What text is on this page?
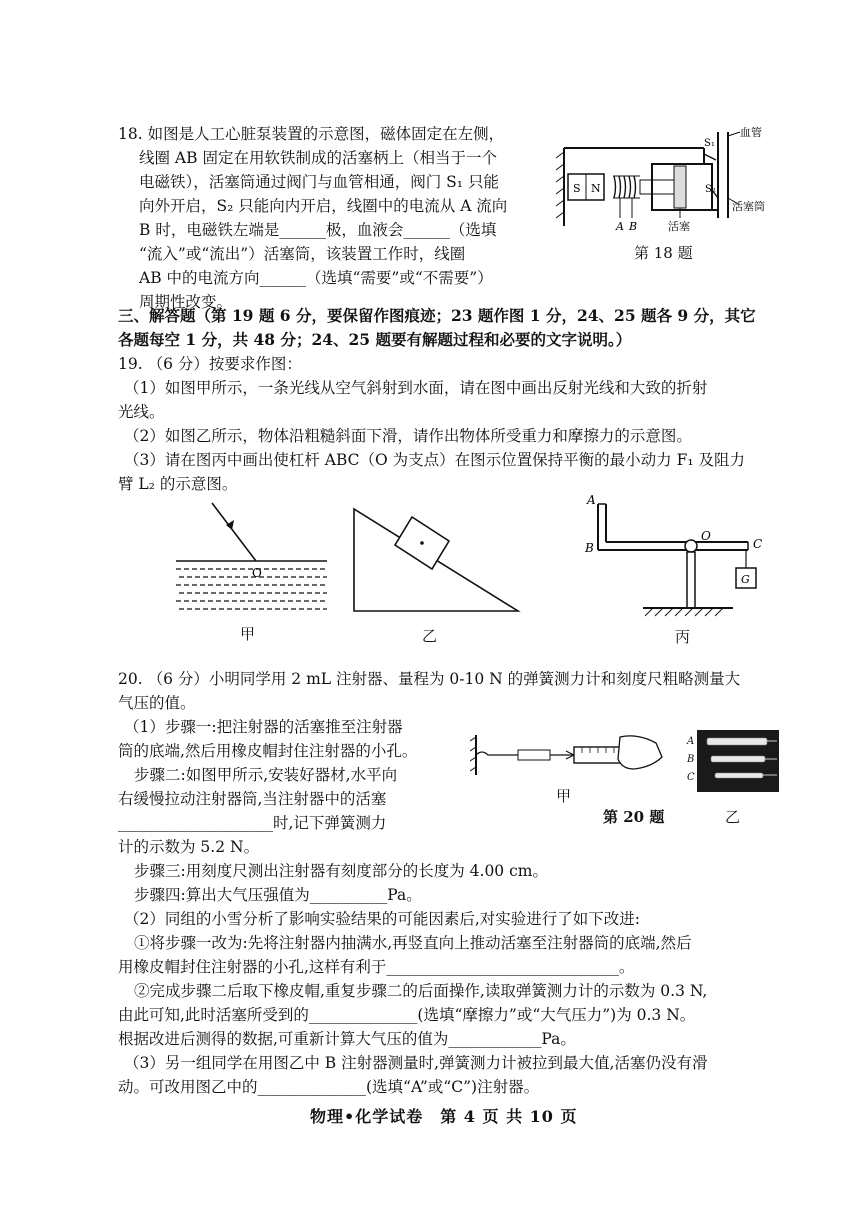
18. 如图是人工心脏泵装置的示意图，磁体固定在左侧，
线圈 AB 固定在用软铁制成的活塞柄上（相当于一个
电磁铁），活塞筒通过阀门与血管相通，阀门 S₁ 只能
向外开启，S₂ 只能向内开启，线圈中的电流从 A 流向
B 时，电磁铁左端是______极，血液会______（选填
“流入”或“流出”）活塞筒，该装置工作时，线圈
AB 中的电流方向______（选填“需要”或“不需要”）
周期性改变。
S N
A B	活塞
S₁
S₂
活塞筒
血管
第 18 题
三、解答题（第 19 题 6 分，要保留作图痕迹；23 题作图 1 分，24、25 题各 9 分，其它
各题每空 1 分，共 48 分；24、25 题要有解题过程和必要的文字说明。）
19. （6 分）按要求作图：
（1）如图甲所示，一条光线从空气斜射到水面，请在图中画出反射光线和大致的折射
光线。
（2）如图乙所示，物体沿粗糙斜面下滑，请作出物体所受重力和摩擦力的示意图。
（3）请在图丙中画出使杠杆 ABC（O 为支点）在图示位置保持平衡的最小动力 F₁ 及阻力
臂 L₂ 的示意图。
O
甲	乙
A
B
O
C
G
丙
20. （6 分）小明同学用 2 mL 注射器、量程为 0-10 N 的弹簧测力计和刻度尺粗略测量大
气压的值。
（1）步骤一:把注射器的活塞推至注射器
筒的底端,然后用橡皮帽封住注射器的小孔。
步骤二:如图甲所示,安装好器材,水平向
右缓慢拉动注射器筒,当注射器中的活塞
____________________时,记下弹簧测力
计的示数为 5.2 N。
步骤三:用刻度尺测出注射器有刻度部分的长度为 4.00 cm。
步骤四:算出大气压强值为__________Pa。
（2）同组的小雪分析了影响实验结果的可能因素后,对实验进行了如下改进:
①将步骤一改为:先将注射器内抽满水,再竖直向上推动活塞至注射器筒的底端,然后
用橡皮帽封住注射器的小孔,这样有利于______________________________。
②完成步骤二后取下橡皮帽,重复步骤二的后面操作,读取弹簧测力计的示数为 0.3 N,
由此可知,此时活塞所受到的______________(选填“摩擦力”或“大气压力”)为 0.3 N。
根据改进后测得的数据,可重新计算大气压的值为____________Pa。
（3）另一组同学在用图乙中 B 注射器测量时,弹簧测力计被拉到最大值,活塞仍没有滑
动。可改用图乙中的______________(选填“A”或“C”)注射器。
甲
第 20 题
A
B
C
乙
物理•化学试卷　第 4 页 共 10 页
